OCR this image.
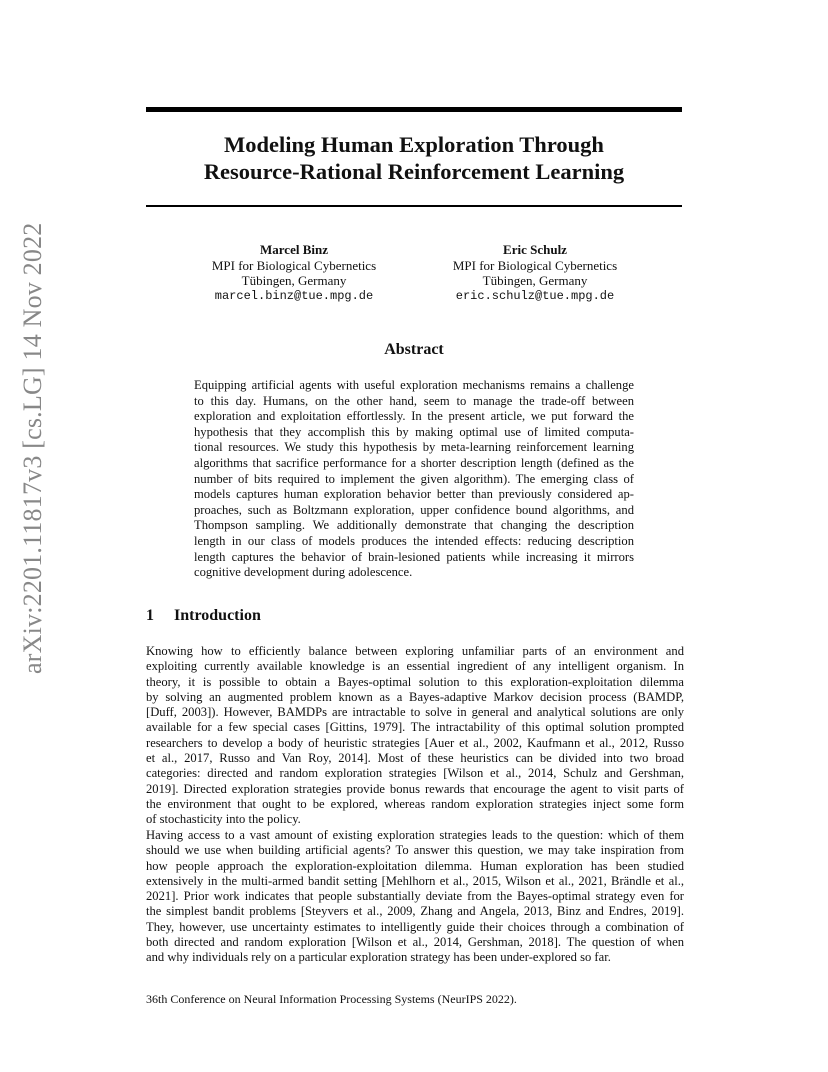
arXiv:2201.11817v3 [cs.LG] 14 Nov 2022
Modeling Human Exploration Through
Resource-Rational Reinforcement Learning
Marcel Binz
MPI for Biological Cybernetics
Tübingen, Germany
marcel.binz@tue.mpg.de
Eric Schulz
MPI for Biological Cybernetics
Tübingen, Germany
eric.schulz@tue.mpg.de
Abstract
Equipping artificial agents with useful exploration mechanisms remains a challenge
to this day. Humans, on the other hand, seem to manage the trade-off between
exploration and exploitation effortlessly. In the present article, we put forward the
hypothesis that they accomplish this by making optimal use of limited computa-
tional resources. We study this hypothesis by meta-learning reinforcement learning
algorithms that sacrifice performance for a shorter description length (defined as the
number of bits required to implement the given algorithm). The emerging class of
models captures human exploration behavior better than previously considered ap-
proaches, such as Boltzmann exploration, upper confidence bound algorithms, and
Thompson sampling. We additionally demonstrate that changing the description
length in our class of models produces the intended effects: reducing description
length captures the behavior of brain-lesioned patients while increasing it mirrors
cognitive development during adolescence.
1 Introduction
Knowing how to efficiently balance between exploring unfamiliar parts of an environment and
exploiting currently available knowledge is an essential ingredient of any intelligent organism. In
theory, it is possible to obtain a Bayes-optimal solution to this exploration-exploitation dilemma
by solving an augmented problem known as a Bayes-adaptive Markov decision process (BAMDP,
[Duff, 2003]). However, BAMDPs are intractable to solve in general and analytical solutions are only
available for a few special cases [Gittins, 1979]. The intractability of this optimal solution prompted
researchers to develop a body of heuristic strategies [Auer et al., 2002, Kaufmann et al., 2012, Russo
et al., 2017, Russo and Van Roy, 2014]. Most of these heuristics can be divided into two broad
categories: directed and random exploration strategies [Wilson et al., 2014, Schulz and Gershman,
2019]. Directed exploration strategies provide bonus rewards that encourage the agent to visit parts of
the environment that ought to be explored, whereas random exploration strategies inject some form
of stochasticity into the policy.
Having access to a vast amount of existing exploration strategies leads to the question: which of them
should we use when building artificial agents? To answer this question, we may take inspiration from
how people approach the exploration-exploitation dilemma. Human exploration has been studied
extensively in the multi-armed bandit setting [Mehlhorn et al., 2015, Wilson et al., 2021, Brändle et al.,
2021]. Prior work indicates that people substantially deviate from the Bayes-optimal strategy even for
the simplest bandit problems [Steyvers et al., 2009, Zhang and Angela, 2013, Binz and Endres, 2019].
They, however, use uncertainty estimates to intelligently guide their choices through a combination of
both directed and random exploration [Wilson et al., 2014, Gershman, 2018]. The question of when
and why individuals rely on a particular exploration strategy has been under-explored so far.
36th Conference on Neural Information Processing Systems (NeurIPS 2022).
